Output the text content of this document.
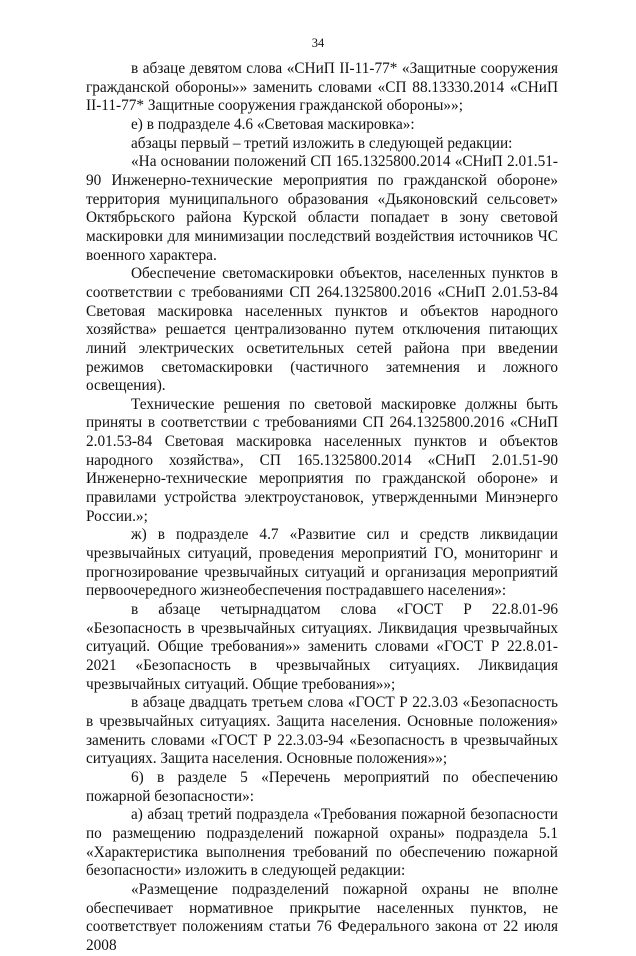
34

в абзаце девятом слова «СНиП II-11-77* «Защитные сооружения гражданской обороны»» заменить словами «СП 88.13330.2014 «СНиП II-11-77* Защитные сооружения гражданской обороны»»;

е) в подразделе 4.6 «Световая маскировка»:

абзацы первый – третий изложить в следующей редакции:

«На основании положений СП 165.1325800.2014 «СНиП 2.01.51-90 Инженерно-технические мероприятия по гражданской обороне» территория муниципального образования «Дьяконовский сельсовет» Октябрьского района Курской области попадает в зону световой маскировки для минимизации последствий воздействия источников ЧС военного характера.

Обеспечение светомаскировки объектов, населенных пунктов в соответствии с требованиями СП 264.1325800.2016 «СНиП 2.01.53-84 Световая маскировка населенных пунктов и объектов народного хозяйства» решается централизованно путем отключения питающих линий электрических осветительных сетей района при введении режимов светомаскировки (частичного затемнения и ложного освещения).

Технические решения по световой маскировке должны быть приняты в соответствии с требованиями СП 264.1325800.2016 «СНиП 2.01.53-84 Световая маскировка населенных пунктов и объектов народного хозяйства», СП 165.1325800.2014 «СНиП 2.01.51-90 Инженерно-технические мероприятия по гражданской обороне» и правилами устройства электроустановок, утвержденными Минэнерго России.»;

ж) в подразделе 4.7 «Развитие сил и средств ликвидации чрезвычайных ситуаций, проведения мероприятий ГО, мониторинг и прогнозирование чрезвычайных ситуаций и организация мероприятий первоочередного жизнеобеспечения пострадавшего населения»:

в абзаце четырнадцатом слова «ГОСТ Р 22.8.01-96 «Безопасность в чрезвычайных ситуациях. Ликвидация чрезвычайных ситуаций. Общие требования»» заменить словами «ГОСТ Р 22.8.01-2021 «Безопасность в чрезвычайных ситуациях. Ликвидация чрезвычайных ситуаций. Общие требования»»;

в абзаце двадцать третьем слова «ГОСТ Р 22.3.03 «Безопасность в чрезвычайных ситуациях. Защита населения. Основные положения» заменить словами «ГОСТ Р 22.3.03-94 «Безопасность в чрезвычайных ситуациях. Защита населения. Основные положения»»;

6) в разделе 5 «Перечень мероприятий по обеспечению пожарной безопасности»:

а) абзац третий подраздела «Требования пожарной безопасности по размещению подразделений пожарной охраны» подраздела 5.1 «Характеристика выполнения требований по обеспечению пожарной безопасности» изложить в следующей редакции:

«Размещение подразделений пожарной охраны не вполне обеспечивает нормативное прикрытие населенных пунктов, не соответствует положениям статьи 76 Федерального закона от 22 июля 2008
